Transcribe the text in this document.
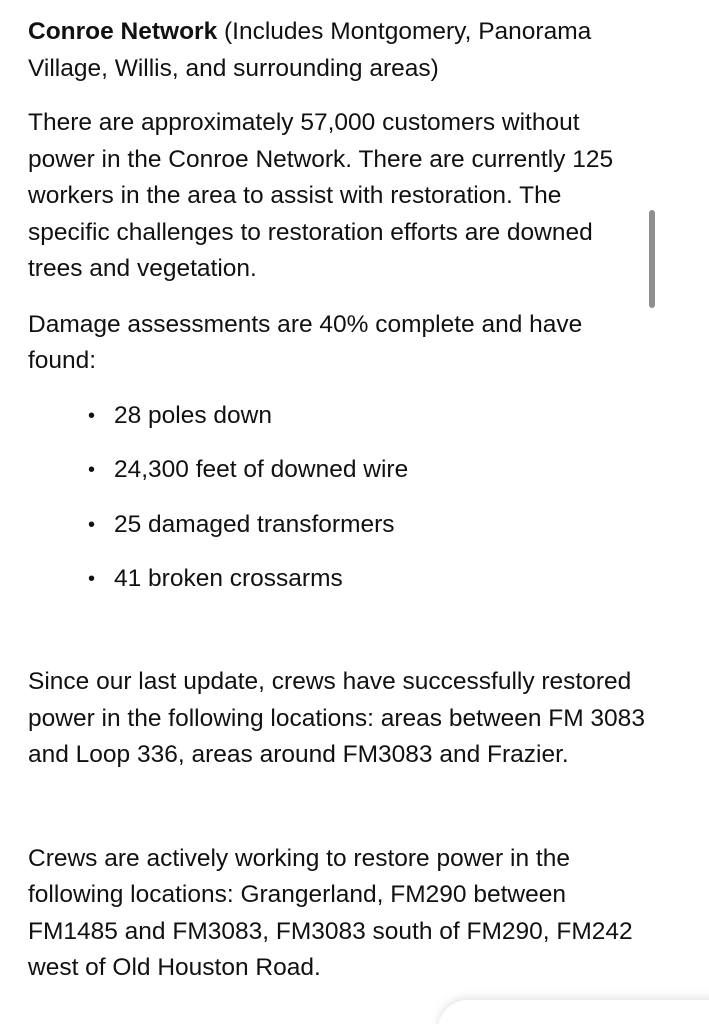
Conroe Network (Includes Montgomery, Panorama Village, Willis, and surrounding areas)

There are approximately 57,000 customers without power in the Conroe Network. There are currently 125 workers in the area to assist with restoration. The specific challenges to restoration efforts are downed trees and vegetation.

Damage assessments are 40% complete and have found:

• 28 poles down
• 24,300 feet of downed wire
• 25 damaged transformers
• 41 broken crossarms

Since our last update, crews have successfully restored power in the following locations: areas between FM 3083 and Loop 336, areas around FM3083 and Frazier.

Crews are actively working to restore power in the following locations: Grangerland, FM290 between FM1485 and FM3083, FM3083 south of FM290, FM242 west of Old Houston Road.
